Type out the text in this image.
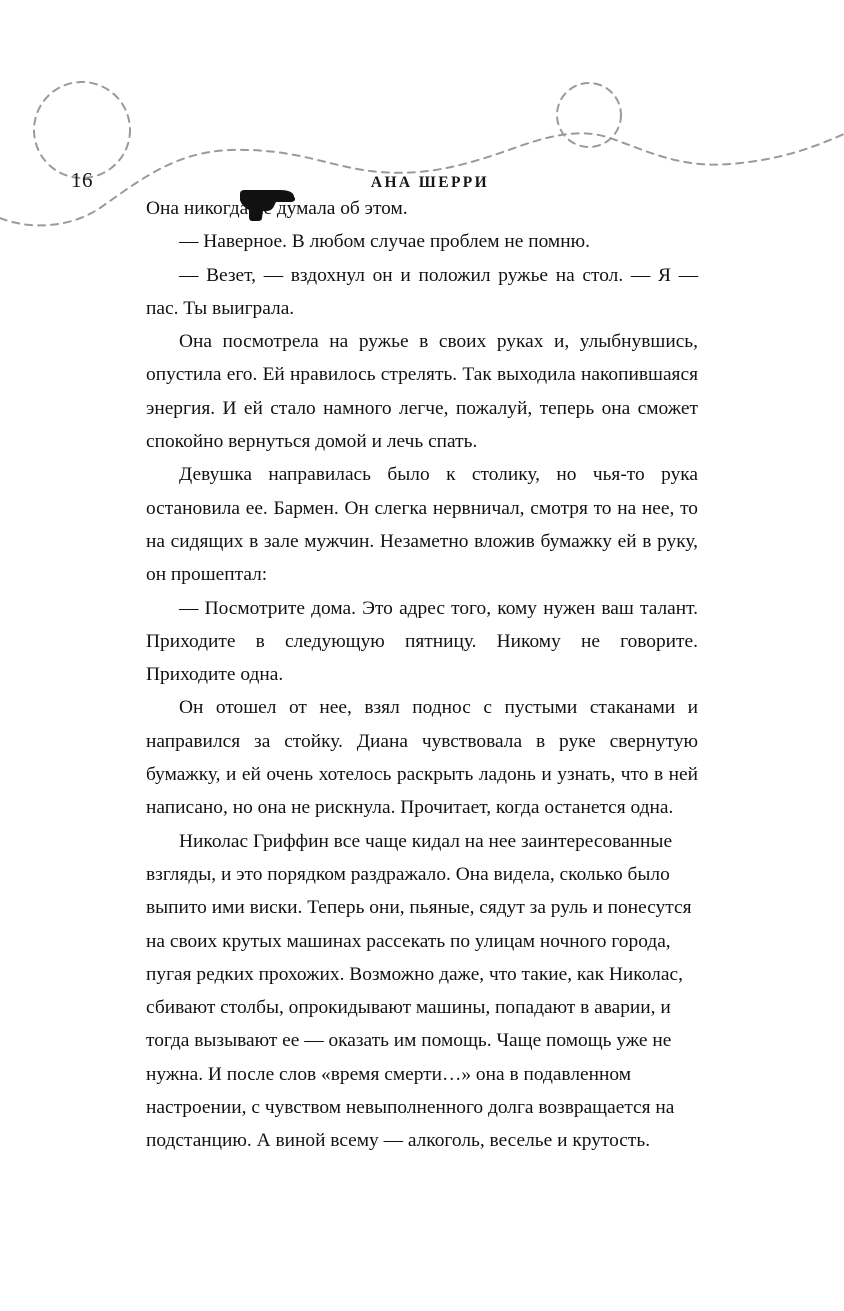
16	АНА ШЕРРИ

Она никогда не думала об этом.

— Наверное. В любом случае проблем не помню.

— Везет, — вздохнул он и положил ружье на стол. — Я — пас. Ты выиграла.

Она посмотрела на ружье в своих руках и, улыбнувшись, опустила его. Ей нравилось стрелять. Так выходила накопившаяся энергия. И ей стало намного легче, пожалуй, теперь она сможет спокойно вернуться домой и лечь спать.

Девушка направилась было к столику, но чья-то рука остановила ее. Бармен. Он слегка нервничал, смотря то на нее, то на сидящих в зале мужчин. Незаметно вложив бумажку ей в руку, он прошептал:

— Посмотрите дома. Это адрес того, кому нужен ваш талант. Приходите в следующую пятницу. Никому не говорите. Приходите одна.

Он отошел от нее, взял поднос с пустыми стаканами и направился за стойку. Диана чувствовала в руке свернутую бумажку, и ей очень хотелось раскрыть ладонь и узнать, что в ней написано, но она не рискнула. Прочитает, когда останется одна.

Николас Гриффин все чаще кидал на нее заинтересованные взгляды, и это порядком раздражало. Она видела, сколько было выпито ими виски. Теперь они, пьяные, сядут за руль и понесутся на своих крутых машинах рассекать по улицам ночного города, пугая редких прохожих. Возможно даже, что такие, как Николас, сбивают столбы, опрокидывают машины, попадают в аварии, и тогда вызывают ее — оказать им помощь. Чаще помощь уже не нужна. И после слов «время смерти…» она в подавленном настроении, с чувством невыполненного долга возвращается на подстанцию. А виной всему — алкоголь, веселье и крутость.
